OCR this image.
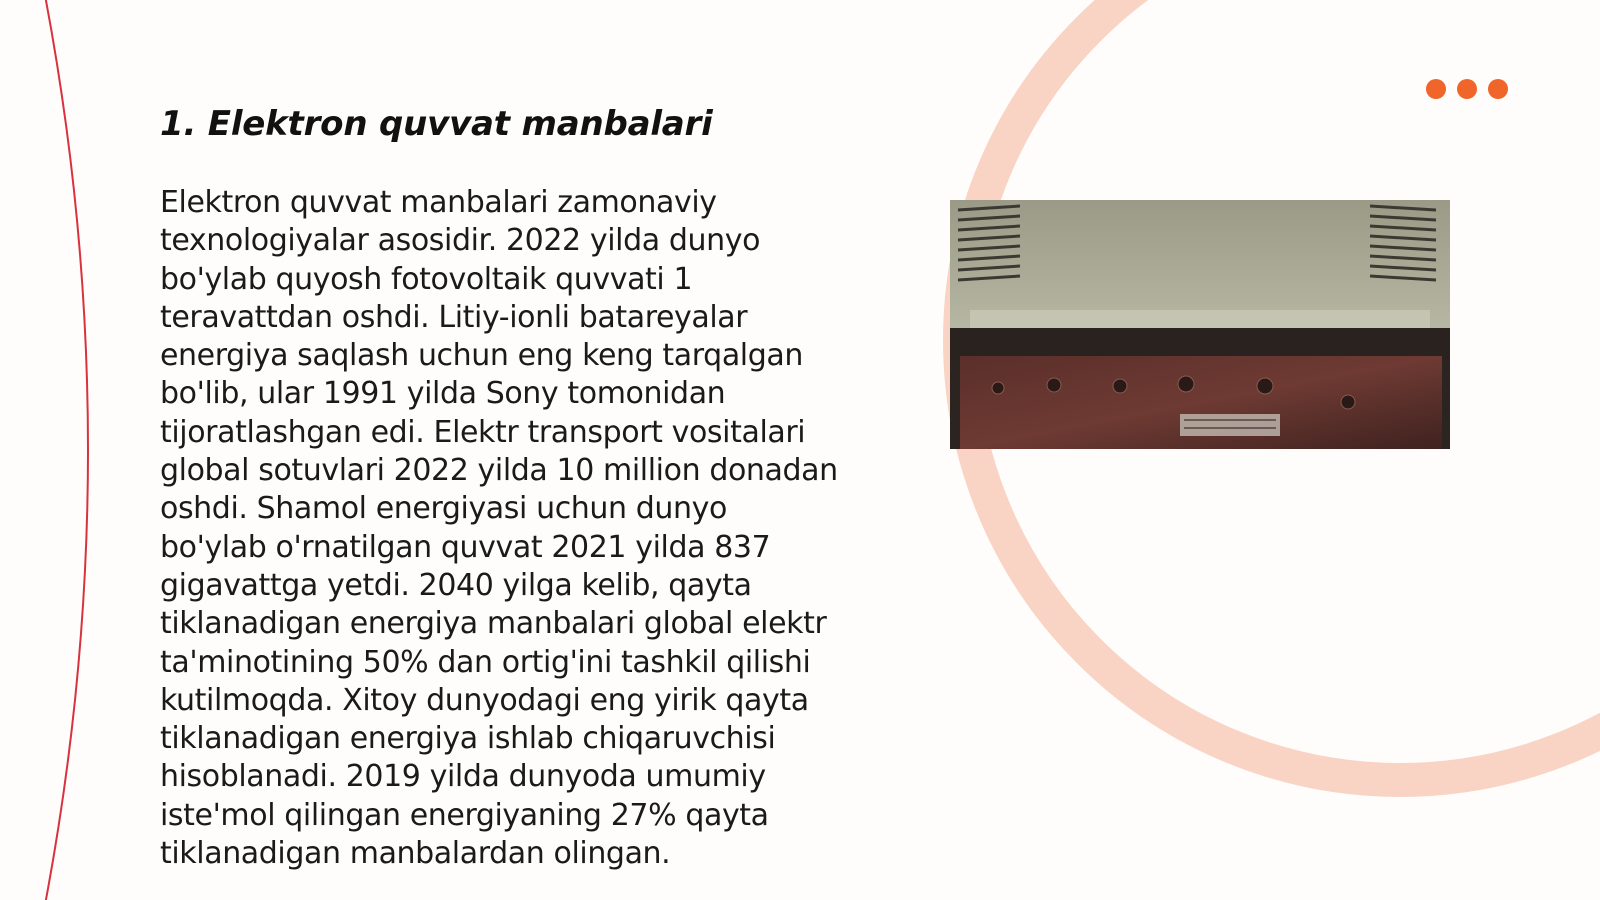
1. Elektron quvvat manbalari

Elektron quvvat manbalari zamonaviy texnologiyalar asosidir. 2022 yilda dunyo bo'ylab quyosh fotovoltaik quvvati 1 teravattdan oshdi. Litiy-ionli batareyalar energiya saqlash uchun eng keng tarqalgan bo'lib, ular 1991 yilda Sony tomonidan tijoratlashgan edi. Elektr transport vositalari global sotuvlari 2022 yilda 10 million donadan oshdi. Shamol energiyasi uchun dunyo bo'ylab o'rnatilgan quvvat 2021 yilda 837 gigavattga yetdi. 2040 yilga kelib, qayta tiklanadigan energiya manbalari global elektr ta'minotining 50% dan ortig'ini tashkil qilishi kutilmoqda. Xitoy dunyodagi eng yirik qayta tiklanadigan energiya ishlab chiqaruvchisi hisoblanadi. 2019 yilda dunyoda umumiy iste'mol qilingan energiyaning 27% qayta tiklanadigan manbalardan olingan.
